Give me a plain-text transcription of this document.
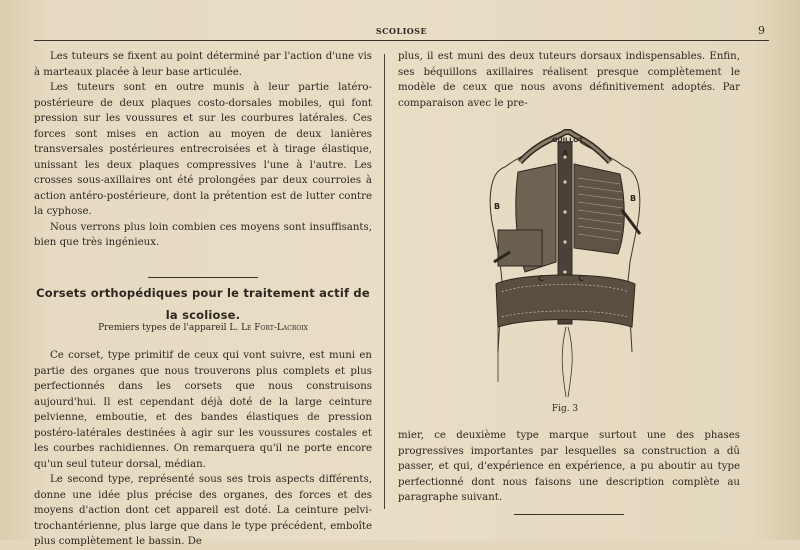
SCOLIOSE	9

Les tuteurs se fixent au point déterminé par l'action d'une vis à marteaux placée à leur base articulée.

Les tuteurs sont en outre munis à leur partie latéro-postérieure de deux plaques costo-dorsales mobiles, qui font pression sur les voussures et sur les courbures latérales. Ces forces sont mises en action au moyen de deux lanières transversales postérieures entrecroisées et à tirage élastique, unissant les deux plaques compressives l'une à l'autre. Les crosses sous-axillaires ont été prolongées par deux courroies à action antéro-postérieure, dont la prétention est de lutter contre la cyphose.

Nous verrons plus loin combien ces moyens sont insuffisants, bien que très ingénieux.

Corsets orthopédiques pour le traitement actif de la scoliose.
Premiers types de l'appareil L. Le Fort-Lacroix

Ce corset, type primitif de ceux qui vont suivre, est muni en partie des organes que nous trouverons plus complets et plus perfectionnés dans les corsets que nous construisons aujourd'hui. Il est cependant déjà doté de la large ceinture pelvienne, emboutie, et des bandes élastiques de pression postéro-latérales destinées à agir sur les voussures costales et les courbes rachidiennes. On remarquera qu'il ne porte encore qu'un seul tuteur dorsal, médian.

Le second type, représenté sous ses trois aspects différents, donne une idée plus précise des organes, des forces et des moyens d'action dont cet appareil est doté. La ceinture pelvi-trochantérienne, plus large que dans le type précédent, emboîte plus complètement le bassin. De

plus, il est muni des deux tuteurs dorsaux indispensables. Enfin, ses béquillons axillaires réalisent presque complètement le modèle de ceux que nous avons définitivement adoptés. Par comparaison avec le pre-

GUILLOT
A
B
B
C	C
Fig. 3

mier, ce deuxième type marque surtout une des phases progressives importantes par lesquelles sa construction a dû passer, et qui, d'expérience en expérience, a pu aboutir au type perfectionné dont nous faisons une description complète au paragraphe suivant.
